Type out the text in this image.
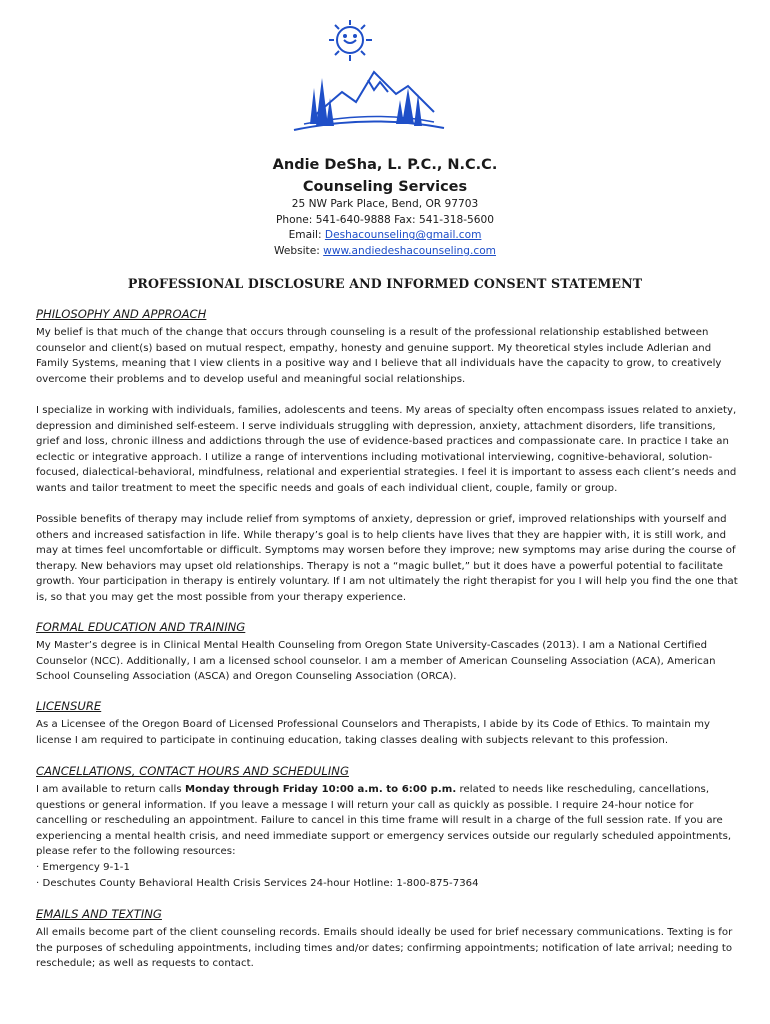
Andie DeSha, L. P.C., N.C.C.
Counseling Services
25 NW Park Place, Bend, OR 97703
Phone: 541-640-9888 Fax: 541-318-5600
Email: Deshacounseling@gmail.com
Website: www.andiedeshacounseling.com
PROFESSIONAL DISCLOSURE AND INFORMED CONSENT STATEMENT
PHILOSOPHY AND APPROACH

My belief is that much of the change that occurs through counseling is a result of the professional relationship established between counselor and client(s) based on mutual respect, empathy, honesty and genuine support. My theoretical styles include Adlerian and Family Systems, meaning that I view clients in a positive way and I believe that all individuals have the capacity to grow, to creatively overcome their problems and to develop useful and meaningful social relationships.

I specialize in working with individuals, families, adolescents and teens. My areas of specialty often encompass issues related to anxiety, depression and diminished self-esteem. I serve individuals struggling with depression, anxiety, attachment disorders, life transitions, grief and loss, chronic illness and addictions through the use of evidence-based practices and compassionate care. In practice I take an eclectic or integrative approach. I utilize a range of interventions including motivational interviewing, cognitive-behavioral, solution-focused, dialectical-behavioral, mindfulness, relational and experiential strategies. I feel it is important to assess each client’s needs and wants and tailor treatment to meet the specific needs and goals of each individual client, couple, family or group.

Possible benefits of therapy may include relief from symptoms of anxiety, depression or grief, improved relationships with yourself and others and increased satisfaction in life. While therapy’s goal is to help clients have lives that they are happier with, it is still work, and may at times feel uncomfortable or difficult. Symptoms may worsen before they improve; new symptoms may arise during the course of therapy. New behaviors may upset old relationships. Therapy is not a “magic bullet,” but it does have a powerful potential to facilitate growth. Your participation in therapy is entirely voluntary. If I am not ultimately the right therapist for you I will help you find the one that is, so that you may get the most possible from your therapy experience.

FORMAL EDUCATION AND TRAINING

My Master’s degree is in Clinical Mental Health Counseling from Oregon State University-Cascades (2013). I am a National Certified Counselor (NCC). Additionally, I am a licensed school counselor. I am a member of American Counseling Association (ACA), American School Counseling Association (ASCA) and Oregon Counseling Association (ORCA).

LICENSURE

As a Licensee of the Oregon Board of Licensed Professional Counselors and Therapists, I abide by its Code of Ethics. To maintain my license I am required to participate in continuing education, taking classes dealing with subjects relevant to this profession.

CANCELLATIONS, CONTACT HOURS AND SCHEDULING

I am available to return calls Monday through Friday 10:00 a.m. to 6:00 p.m. related to needs like rescheduling, cancellations, questions or general information. If you leave a message I will return your call as quickly as possible. I require 24-hour notice for cancelling or rescheduling an appointment. Failure to cancel in this time frame will result in a charge of the full session rate. If you are experiencing a mental health crisis, and need immediate support or emergency services outside our regularly scheduled appointments, please refer to the following resources:

· Emergency 9-1-1
· Deschutes County Behavioral Health Crisis Services 24-hour Hotline: 1-800-875-7364
EMAILS AND TEXTING

All emails become part of the client counseling records. Emails should ideally be used for brief necessary communications. Texting is for the purposes of scheduling appointments, including times and/or dates; confirming appointments; notification of late arrival; needing to reschedule; as well as requests to contact.
